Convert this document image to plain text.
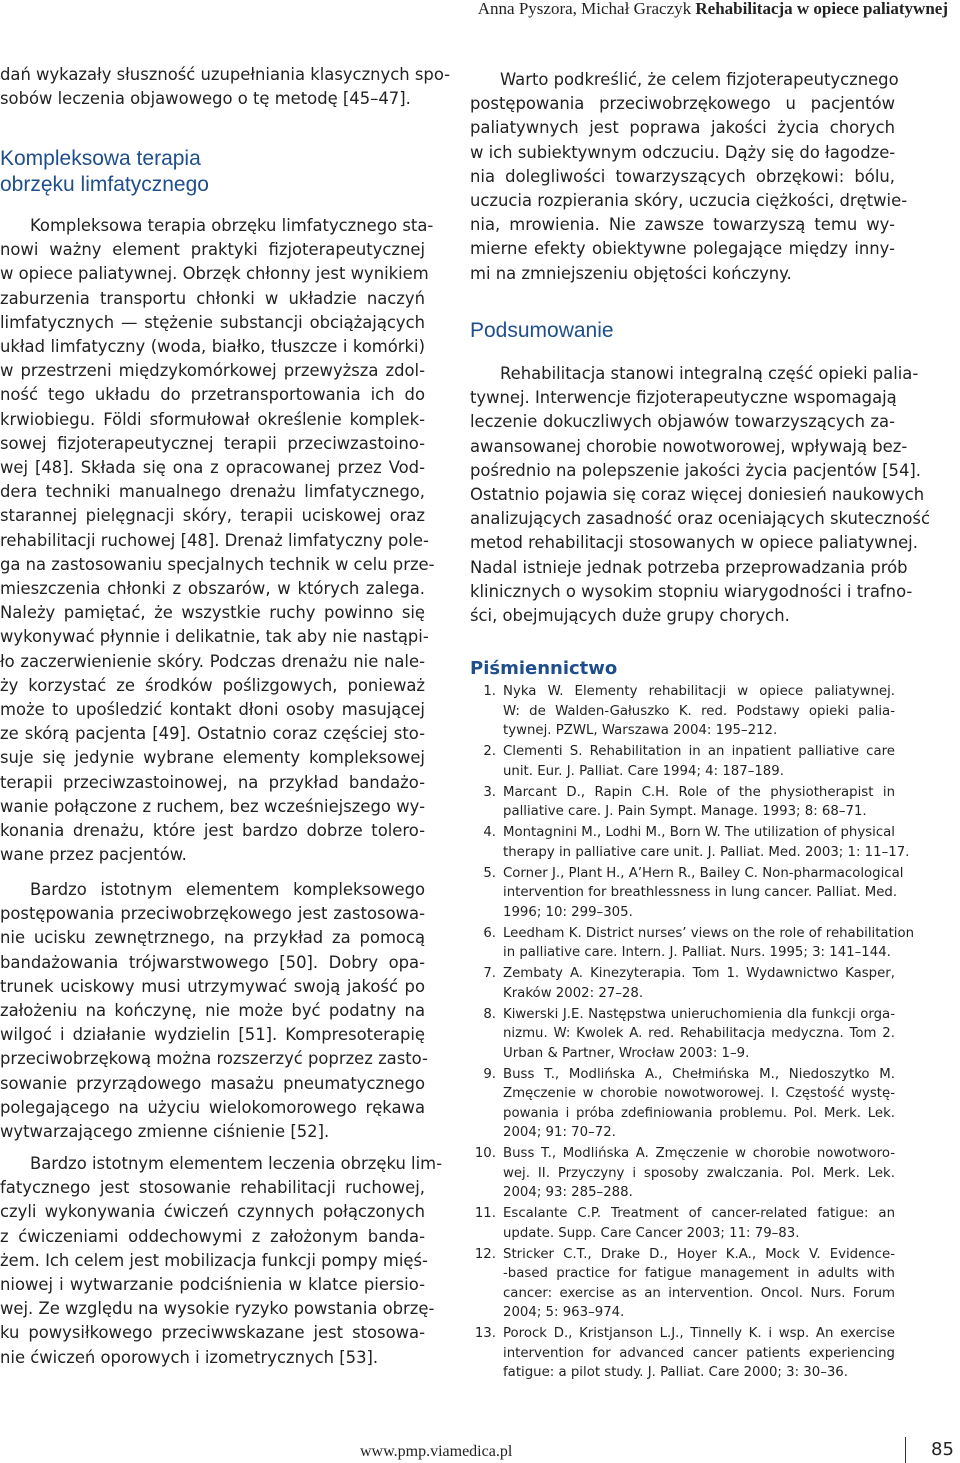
Anna Pyszora, Michał Graczyk Rehabilitacja w opiece paliatywnej
dań wykazały słuszność uzupełniania klasycznych spo-
sobów leczenia objawowego o tę metodę [45–47].
Kompleksowa terapia
obrzęku limfatycznego
Kompleksowa terapia obrzęku limfatycznego sta-
nowi ważny element praktyki fizjoterapeutycznej
w opiece paliatywnej. Obrzęk chłonny jest wynikiem
zaburzenia transportu chłonki w układzie naczyń
limfatycznych — stężenie substancji obciążających
układ limfatyczny (woda, białko, tłuszcze i komórki)
w przestrzeni międzykomórkowej przewyższa zdol-
ność tego układu do przetransportowania ich do
krwiobiegu. Földi sformułował określenie komplek-
sowej fizjoterapeutycznej terapii przeciwzastoino-
wej [48]. Składa się ona z opracowanej przez Vod-
dera techniki manualnego drenażu limfatycznego,
starannej pielęgnacji skóry, terapii uciskowej oraz
rehabilitacji ruchowej [48]. Drenaż limfatyczny pole-
ga na zastosowaniu specjalnych technik w celu prze-
mieszczenia chłonki z obszarów, w których zalega.
Należy pamiętać, że wszystkie ruchy powinno się
wykonywać płynnie i delikatnie, tak aby nie nastąpi-
ło zaczerwienienie skóry. Podczas drenażu nie nale-
ży korzystać ze środków poślizgowych, ponieważ
może to upośledzić kontakt dłoni osoby masującej
ze skórą pacjenta [49]. Ostatnio coraz częściej sto-
suje się jedynie wybrane elementy kompleksowej
terapii przeciwzastoinowej, na przykład bandażo-
wanie połączone z ruchem, bez wcześniejszego wy-
konania drenażu, które jest bardzo dobrze tolero-
wane przez pacjentów.
Bardzo istotnym elementem kompleksowego
postępowania przeciwobrzękowego jest zastosowa-
nie ucisku zewnętrznego, na przykład za pomocą
bandażowania trójwarstwowego [50]. Dobry opa-
trunek uciskowy musi utrzymywać swoją jakość po
założeniu na kończynę, nie może być podatny na
wilgoć i działanie wydzielin [51]. Kompresoterapię
przeciwobrzękową można rozszerzyć poprzez zasto-
sowanie przyrządowego masażu pneumatycznego
polegającego na użyciu wielokomorowego rękawa
wytwarzającego zmienne ciśnienie [52].
Bardzo istotnym elementem leczenia obrzęku lim-
fatycznego jest stosowanie rehabilitacji ruchowej,
czyli wykonywania ćwiczeń czynnych połączonych
z ćwiczeniami oddechowymi z założonym banda-
żem. Ich celem jest mobilizacja funkcji pompy mięś-
niowej i wytwarzanie podciśnienia w klatce piersio-
wej. Ze względu na wysokie ryzyko powstania obrzę-
ku powysiłkowego przeciwwskazane jest stosowa-
nie ćwiczeń oporowych i izometrycznych [53].
Warto podkreślić, że celem fizjoterapeutycznego
postępowania przeciwobrzękowego u pacjentów
paliatywnych jest poprawa jakości życia chorych
w ich subiektywnym odczuciu. Dąży się do łagodze-
nia dolegliwości towarzyszących obrzękowi: bólu,
uczucia rozpierania skóry, uczucia ciężkości, drętwie-
nia, mrowienia. Nie zawsze towarzyszą temu wy-
mierne efekty obiektywne polegające między inny-
mi na zmniejszeniu objętości kończyny.
Podsumowanie
Rehabilitacja stanowi integralną część opieki palia-
tywnej. Interwencje fizjoterapeutyczne wspomagają
leczenie dokuczliwych objawów towarzyszących za-
awansowanej chorobie nowotworowej, wpływają bez-
pośrednio na polepszenie jakości życia pacjentów [54].
Ostatnio pojawia się coraz więcej doniesień naukowych
analizujących zasadność oraz oceniających skuteczność
metod rehabilitacji stosowanych w opiece paliatywnej.
Nadal istnieje jednak potrzeba przeprowadzania prób
klinicznych o wysokim stopniu wiarygodności i trafno-
ści, obejmujących duże grupy chorych.
Piśmiennictwo
1. Nyka W. Elementy rehabilitacji w opiece paliatywnej.
W: de Walden-Gałuszko K. red. Podstawy opieki palia-
tywnej. PZWL, Warszawa 2004: 195–212.
2. Clementi S. Rehabilitation in an inpatient palliative care
unit. Eur. J. Palliat. Care 1994; 4: 187–189.
3. Marcant D., Rapin C.H. Role of the physiotherapist in
palliative care. J. Pain Sympt. Manage. 1993; 8: 68–71.
4. Montagnini M., Lodhi M., Born W. The utilization of physical
therapy in palliative care unit. J. Palliat. Med. 2003; 1: 11–17.
5. Corner J., Plant H., A’Hern R., Bailey C. Non-pharmacological
intervention for breathlessness in lung cancer. Palliat. Med.
1996; 10: 299–305.
6. Leedham K. District nurses’ views on the role of rehabilitation
in palliative care. Intern. J. Palliat. Nurs. 1995; 3: 141–144.
7. Zembaty A. Kinezyterapia. Tom 1. Wydawnictwo Kasper,
Kraków 2002: 27–28.
8. Kiwerski J.E. Następstwa unieruchomienia dla funkcji orga-
nizmu. W: Kwolek A. red. Rehabilitacja medyczna. Tom 2.
Urban & Partner, Wrocław 2003: 1–9.
9. Buss T., Modlińska A., Chełmińska M., Niedoszytko M.
Zmęczenie w chorobie nowotworowej. I. Częstość wystę-
powania i próba zdefiniowania problemu. Pol. Merk. Lek.
2004; 91: 70–72.
10. Buss T., Modlińska A. Zmęczenie w chorobie nowotworo-
wej. II. Przyczyny i sposoby zwalczania. Pol. Merk. Lek.
2004; 93: 285–288.
11. Escalante C.P. Treatment of cancer-related fatigue: an
update. Supp. Care Cancer 2003; 11: 79–83.
12. Stricker C.T., Drake D., Hoyer K.A., Mock V. Evidence-
-based practice for fatigue management in adults with
cancer: exercise as an intervention. Oncol. Nurs. Forum
2004; 5: 963–974.
13. Porock D., Kristjanson L.J., Tinnelly K. i wsp. An exercise
intervention for advanced cancer patients experiencing
fatigue: a pilot study. J. Palliat. Care 2000; 3: 30–36.
www.pmp.viamedica.pl	85
